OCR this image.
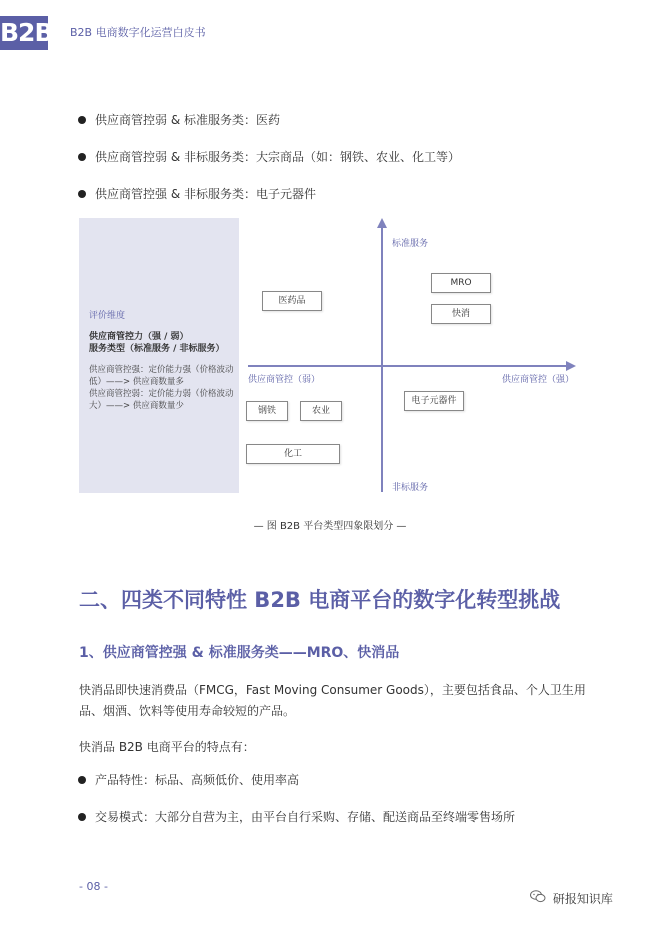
B2B B2B 电商数字化运营白皮书
供应商管控弱 & 标准服务类：医药
供应商管控弱 & 非标服务类：大宗商品（如：钢铁、农业、化工等）
供应商管控强 & 非标服务类：电子元器件
评价维度
供应商管控力（强 / 弱）
服务类型（标准服务 / 非标服务）
供应商管控强：定价能力强（价格波动低）——> 供应商数量多
供应商管控弱：定价能力弱（价格波动大）——> 供应商数量少
标准服务
非标服务
供应商管控（弱）	供应商管控（强）
MRO
快消
医药品
电子元器件
钢铁	农业
化工
— 图 B2B 平台类型四象限划分 —
二、四类不同特性 B2B 电商平台的数字化转型挑战
1、供应商管控强 & 标准服务类——MRO、快消品
快消品即快速消费品（FMCG，Fast Moving Consumer Goods），主要包括食品、个人卫生用品、烟酒、饮料等使用寿命较短的产品。
快消品 B2B 电商平台的特点有：
产品特性：标品、高频低价、使用率高
交易模式：大部分自营为主，由平台自行采购、存储、配送商品至终端零售场所
- 08 -
研报知识库
